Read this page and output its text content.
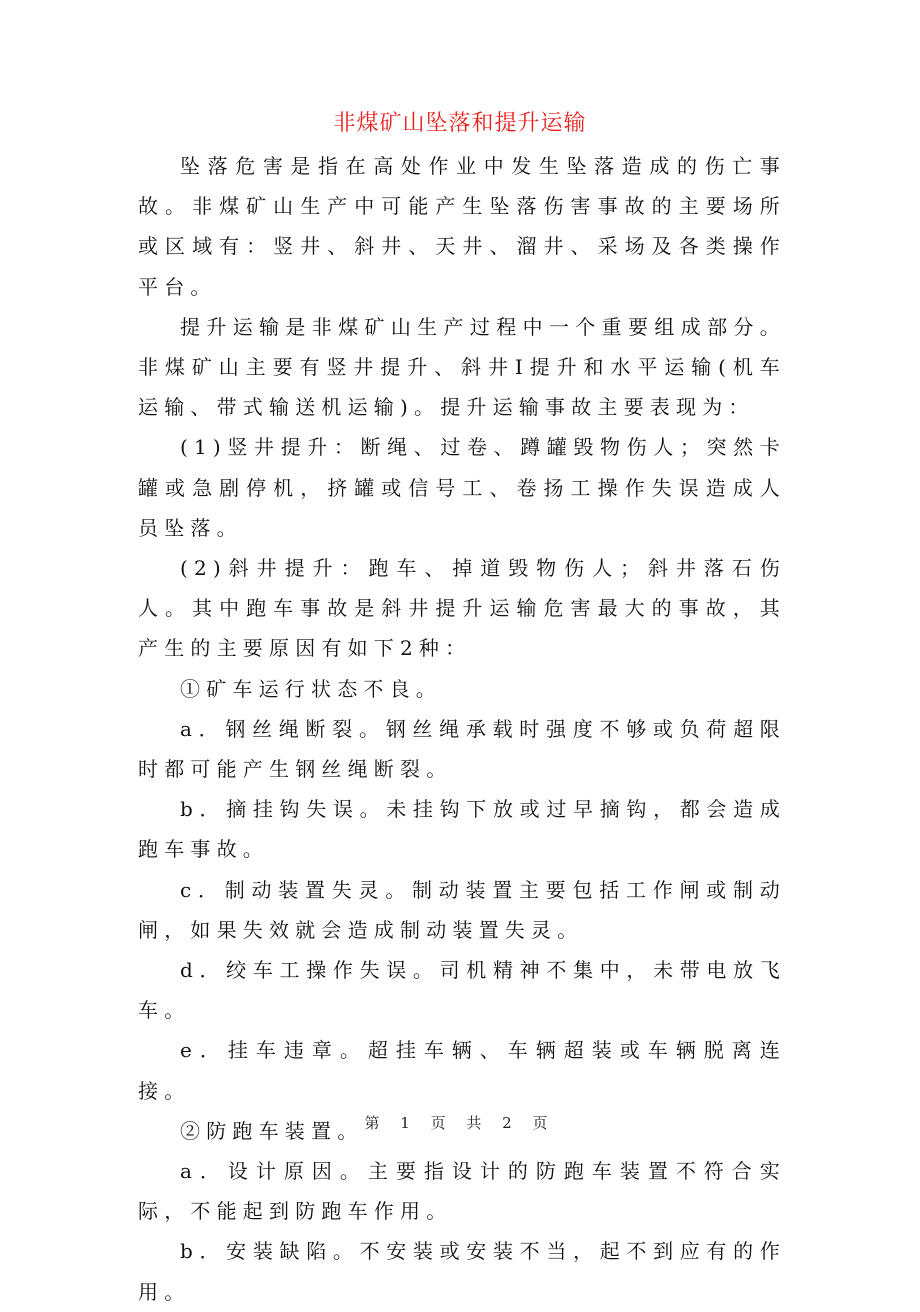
非煤矿山坠落和提升运输

坠落危害是指在高处作业中发生坠落造成的伤亡事故。非煤矿山生产中可能产生坠落伤害事故的主要场所或区域有：竖井、斜井、天井、溜井、采场及各类操作平台。

提升运输是非煤矿山生产过程中一个重要组成部分。非煤矿山主要有竖井提升、斜井I提升和水平运输(机车运输、带式输送机运输)。提升运输事故主要表现为：

(1)竖井提升：断绳、过卷、蹲罐毁物伤人；突然卡罐或急剧停机，挤罐或信号工、卷扬工操作失误造成人员坠落。

(2)斜井提升：跑车、掉道毁物伤人；斜井落石伤人。其中跑车事故是斜井提升运输危害最大的事故，其产生的主要原因有如下2种：

①矿车运行状态不良。

a．钢丝绳断裂。钢丝绳承载时强度不够或负荷超限时都可能产生钢丝绳断裂。

b．摘挂钩失误。未挂钩下放或过早摘钩，都会造成跑车事故。

c．制动装置失灵。制动装置主要包括工作闸或制动闸，如果失效就会造成制动装置失灵。

d．绞车工操作失误。司机精神不集中，未带电放飞车。

e．挂车违章。超挂车辆、车辆超装或车辆脱离连接。

②防跑车装置。

a．设计原因。主要指设计的防跑车装置不符合实际，不能起到防跑车作用。

b．安装缺陷。不安装或安装不当，起不到应有的作用。

第 1 页 共 2 页
